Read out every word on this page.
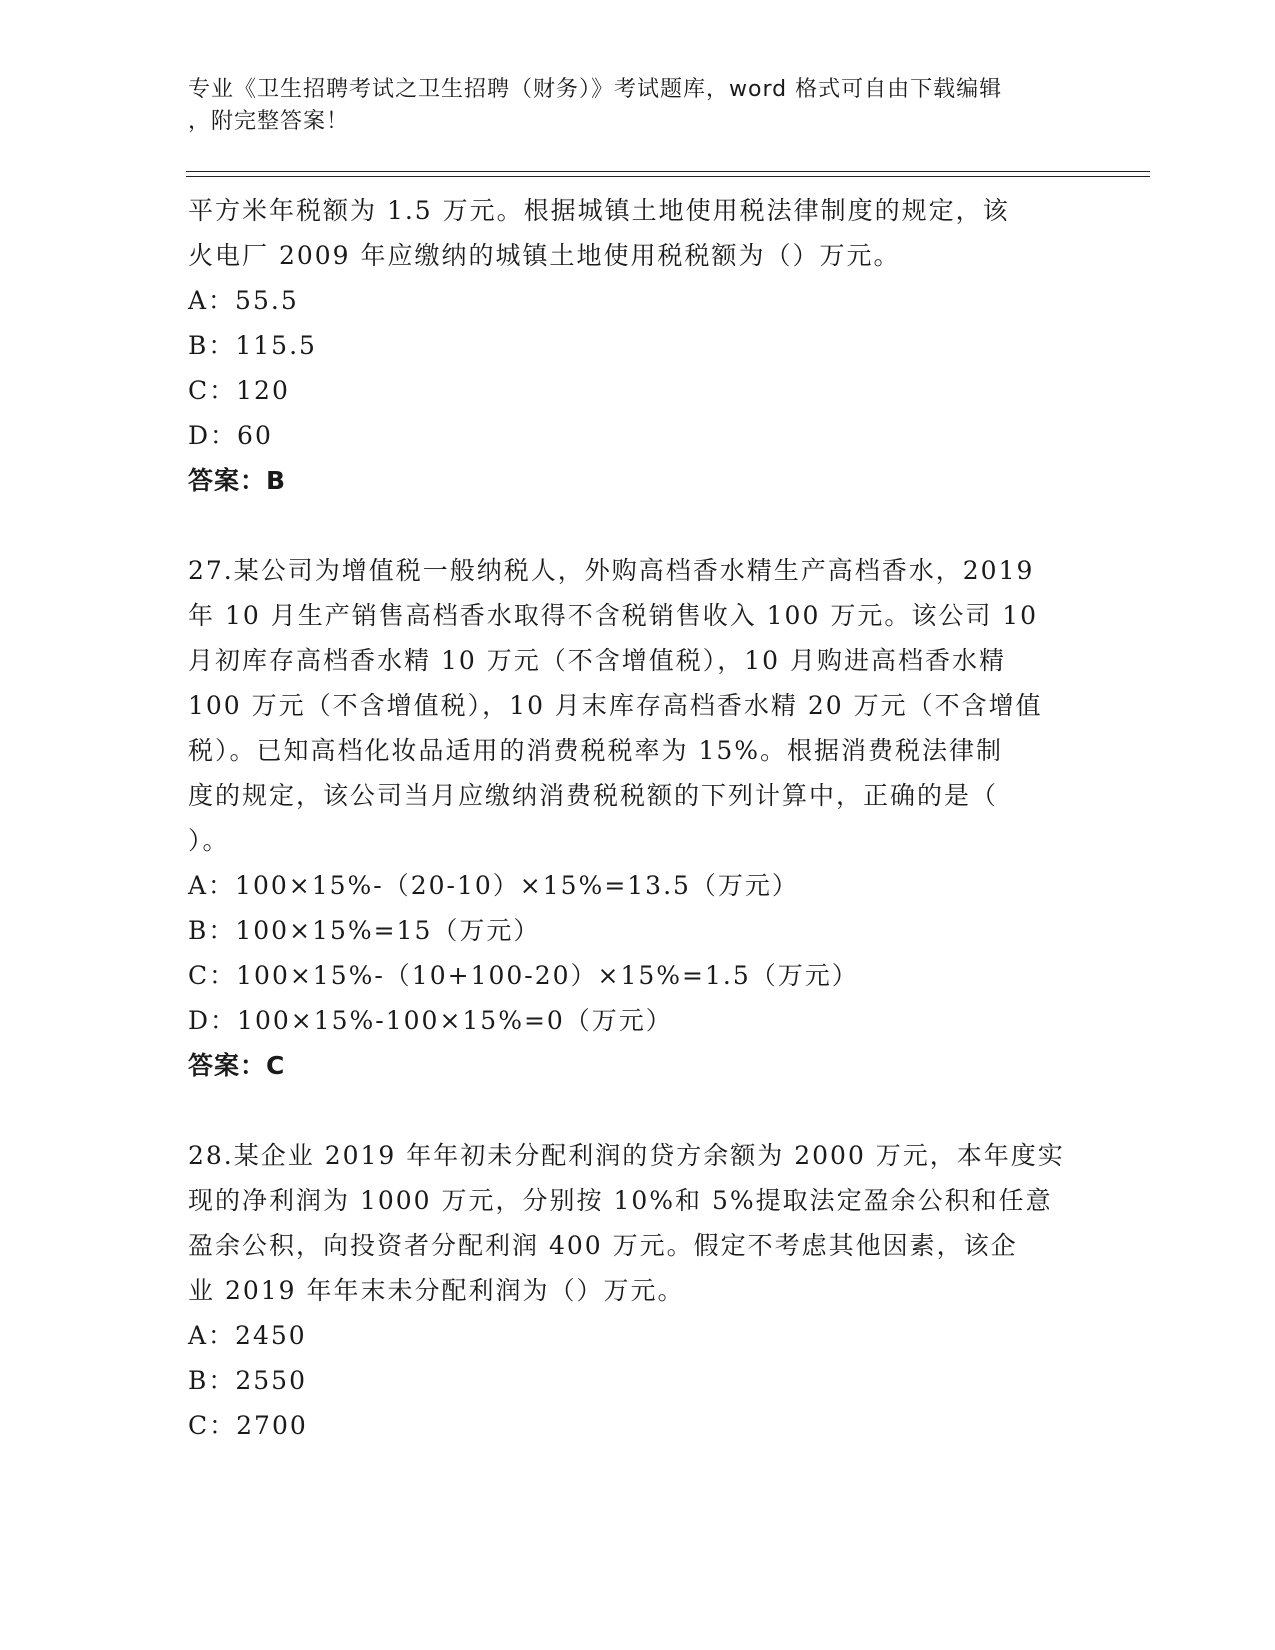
专业《卫生招聘考试之卫生招聘（财务）》考试题库，word 格式可自由下载编辑
，附完整答案！

平方米年税额为 1.5 万元。根据城镇土地使用税法律制度的规定，该

火电厂 2009 年应缴纳的城镇土地使用税税额为（）万元。

A：55.5

B：115.5

C：120

D：60

答案：B

27.某公司为增值税一般纳税人，外购高档香水精生产高档香水，2019

年 10 月生产销售高档香水取得不含税销售收入 100 万元。该公司 10

月初库存高档香水精 10 万元（不含增值税），10 月购进高档香水精

100 万元（不含增值税），10 月末库存高档香水精 20 万元（不含增值

税）。已知高档化妆品适用的消费税税率为 15%。根据消费税法律制

度的规定，该公司当月应缴纳消费税税额的下列计算中，正确的是（

）。

A：100×15%-（20-10）×15%=13.5（万元）

B：100×15%=15（万元）

C：100×15%-（10+100-20）×15%=1.5（万元）

D：100×15%-100×15%=0（万元）

答案：C

28.某企业 2019 年年初未分配利润的贷方余额为 2000 万元，本年度实

现的净利润为 1000 万元，分别按 10%和 5%提取法定盈余公积和任意

盈余公积，向投资者分配利润 400 万元。假定不考虑其他因素，该企

业 2019 年年末未分配利润为（）万元。

A：2450

B：2550

C：2700
